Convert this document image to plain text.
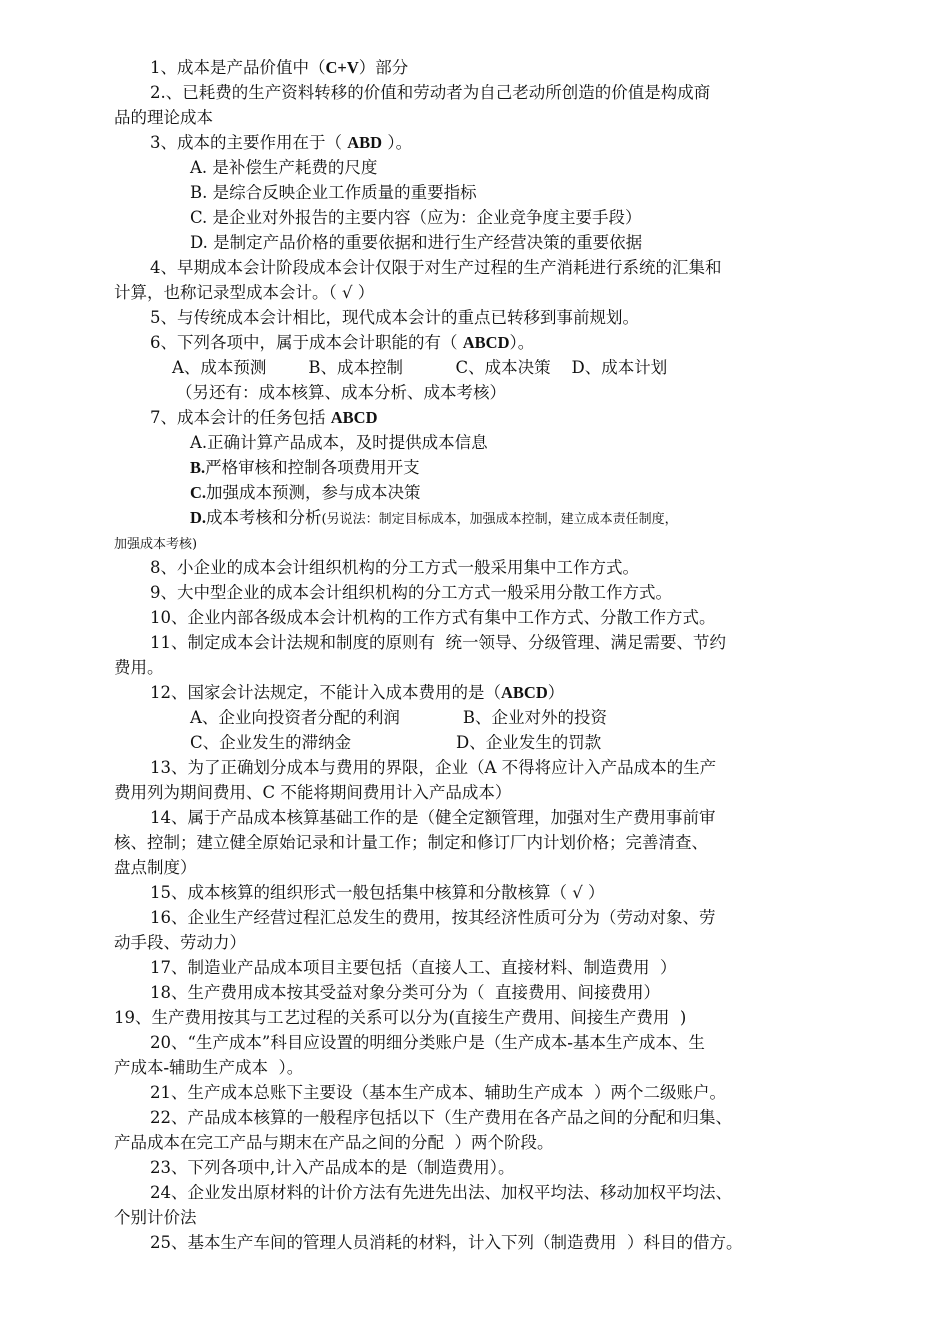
1、成本是产品价值中（C+V）部分
2.、已耗费的生产资料转移的价值和劳动者为自己老动所创造的价值是构成商
品的理论成本
3、成本的主要作用在于（ ABD ）。
A. 是补偿生产耗费的尺度
B. 是综合反映企业工作质量的重要指标
C. 是企业对外报告的主要内容（应为：企业竞争度主要手段）
D. 是制定产品价格的重要依据和进行生产经营决策的重要依据
4、早期成本会计阶段成本会计仅限于对生产过程的生产消耗进行系统的汇集和
计算，也称记录型成本会计。（ √ ）
5、与传统成本会计相比，现代成本会计的重点已转移到事前规划。
6、下列各项中，属于成本会计职能的有（ ABCD）。
A、成本预测        B、成本控制          C、成本决策    D、成本计划
（另还有：成本核算、成本分析、成本考核）
7、成本会计的任务包括 ABCD
A.正确计算产品成本，及时提供成本信息
B.严格审核和控制各项费用开支
C.加强成本预测，参与成本决策
D.成本考核和分析(另说法：制定目标成本，加强成本控制，建立成本责任制度，
加强成本考核)
8、小企业的成本会计组织机构的分工方式一般采用集中工作方式。
9、大中型企业的成本会计组织机构的分工方式一般采用分散工作方式。
10、企业内部各级成本会计机构的工作方式有集中工作方式、分散工作方式。
11、制定成本会计法规和制度的原则有  统一领导、分级管理、满足需要、节约
费用。
12、国家会计法规定，不能计入成本费用的是（ABCD）
A、企业向投资者分配的利润            B、企业对外的投资
C、企业发生的滞纳金                    D、企业发生的罚款
13、为了正确划分成本与费用的界限，企业（A 不得将应计入产品成本的生产
费用列为期间费用、C 不能将期间费用计入产品成本）
14、属于产品成本核算基础工作的是（健全定额管理，加强对生产费用事前审
核、控制；建立健全原始记录和计量工作；制定和修订厂内计划价格；完善清查、
盘点制度）
15、成本核算的组织形式一般包括集中核算和分散核算（ √ ）
16、企业生产经营过程汇总发生的费用，按其经济性质可分为（劳动对象、劳
动手段、劳动力）
17、制造业产品成本项目主要包括（直接人工、直接材料、制造费用  ）
18、生产费用成本按其受益对象分类可分为（  直接费用、间接费用）
19、生产费用按其与工艺过程的关系可以分为(直接生产费用、间接生产费用  )
20、“生产成本”科目应设置的明细分类账户是（生产成本-基本生产成本、生
产成本-辅助生产成本  ）。
21、生产成本总账下主要设（基本生产成本、辅助生产成本  ）两个二级账户。
22、产品成本核算的一般程序包括以下（生产费用在各产品之间的分配和归集、
产品成本在完工产品与期末在产品之间的分配  ）两个阶段。
23、下列各项中,计入产品成本的是（制造费用）。
24、企业发出原材料的计价方法有先进先出法、加权平均法、移动加权平均法、
个别计价法
25、基本生产车间的管理人员消耗的材料，计入下列（制造费用  ）科目的借方。
